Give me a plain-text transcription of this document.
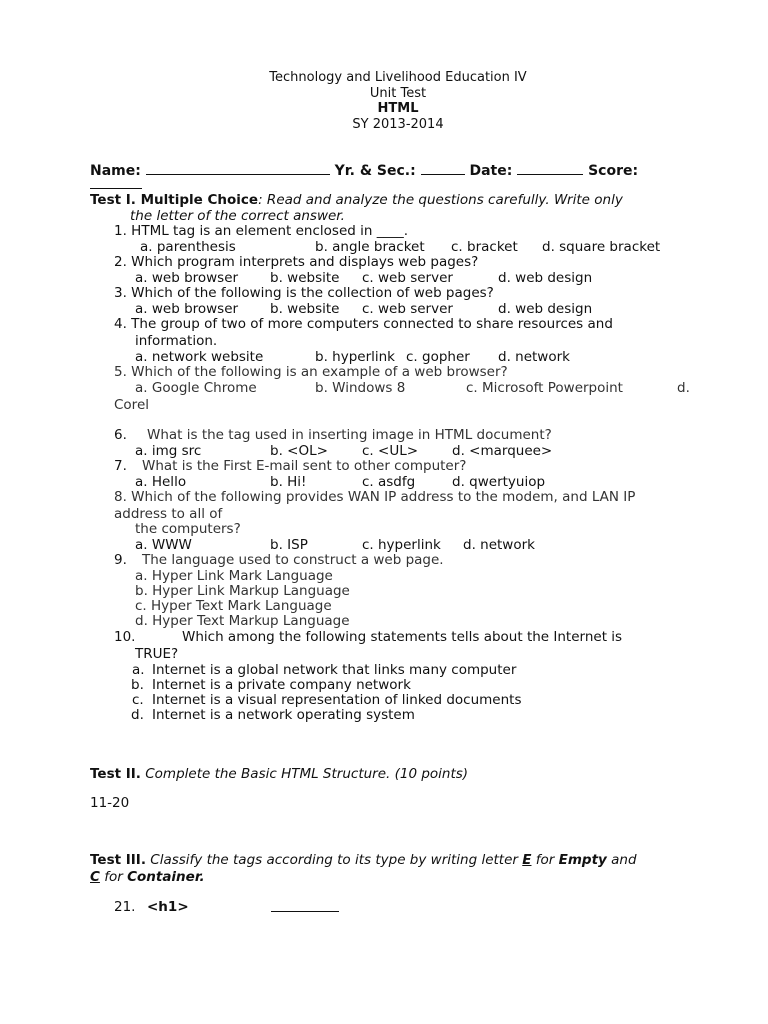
Technology and Livelihood Education IV
Unit Test
HTML
SY 2013-2014
Name:	Yr. & Sec.:	Date:	Score:
Test I. Multiple Choice: Read and analyze the questions carefully. Write only
the letter of the correct answer.
1. HTML tag is an element enclosed in ____.
a. parenthesis	b. angle bracket c. bracket d. square bracket
2. Which program interprets and displays web pages?
a. web browser b. website c. web server	d. web design
3. Which of the following is the collection of web pages?
a. web browser b. website c. web server	d. web design
4. The group of two of more computers connected to share resources and
information.
a. network website	b. hyperlink c. gopher d. network
5. Which of the following is an example of a web browser?
a. Google Chrome	b. Windows 8	c. Microsoft Powerpoint	d.
Corel
6. What is the tag used in inserting image in HTML document?
a. img src	b. <OL>	c. <UL>	d. <marquee>
7. What is the First E-mail sent to other computer?
a. Hello	b. Hi!	c. asdfg	d. qwertyuiop
8. Which of the following provides WAN IP address to the modem, and LAN IP
address to all of
the computers?
a. WWW	b. ISP	c. hyperlink d. network
9. The language used to construct a web page.
a. Hyper Link Mark Language
b. Hyper Link Markup Language
c. Hyper Text Mark Language
d. Hyper Text Markup Language
10.	Which among the following statements tells about the Internet is
TRUE?
a. Internet is a global network that links many computer
b. Internet is a private company network
c. Internet is a visual representation of linked documents
d. Internet is a network operating system
Test II. Complete the Basic HTML Structure. (10 points)
11-20
Test III. Classify the tags according to its type by writing letter E for Empty and
C for Container.
21. <h1>
